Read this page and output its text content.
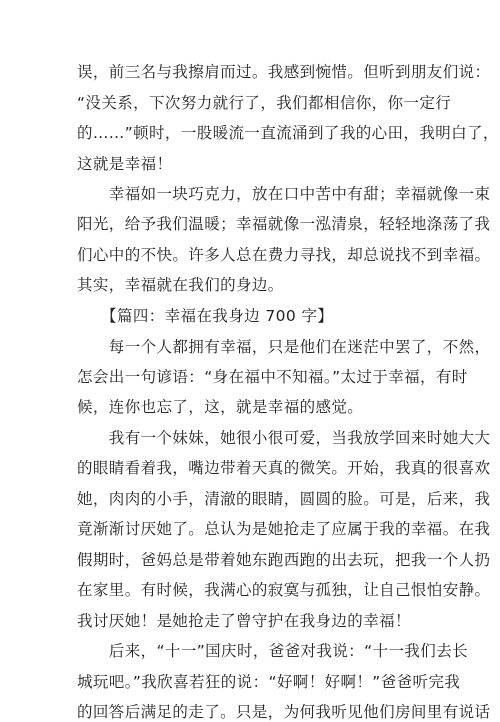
误，前三名与我擦肩而过。我感到惋惜。但听到朋友们说：
“没关系，下次努力就行了，我们都相信你，你一定行
的……”顿时，一股暖流一直流涌到了我的心田，我明白了，
这就是幸福！
　　幸福如一块巧克力，放在口中苦中有甜；幸福就像一束
阳光，给予我们温暖；幸福就像一泓清泉，轻轻地涤荡了我
们心中的不快。许多人总在费力寻找，却总说找不到幸福。
其实，幸福就在我们的身边。
　　【篇四：幸福在我身边 700 字】
　　每一个人都拥有幸福，只是他们在迷茫中罢了，不然，
怎会出一句谚语：“身在福中不知福。”太过于幸福，有时
候，连你也忘了，这，就是幸福的感觉。
　　我有一个妹妹，她很小很可爱，当我放学回来时她大大
的眼睛看着我，嘴边带着天真的微笑。开始，我真的很喜欢
她，肉肉的小手，清澈的眼睛，圆圆的脸。可是，后来，我
竟渐渐讨厌她了。总认为是她抢走了应属于我的幸福。在我
假期时，爸妈总是带着她东跑西跑的出去玩，把我一个人扔
在家里。有时候，我满心的寂寞与孤独，让自己恨怕安静。
我讨厌她！是她抢走了曾守护在我身边的幸福！
　　后来，“十一”国庆时，爸爸对我说：“十一我们去长
城玩吧。”我欣喜若狂的说：“好啊！好啊！”爸爸听完我
的回答后满足的走了。只是，为何我听见他们房间里有说话
